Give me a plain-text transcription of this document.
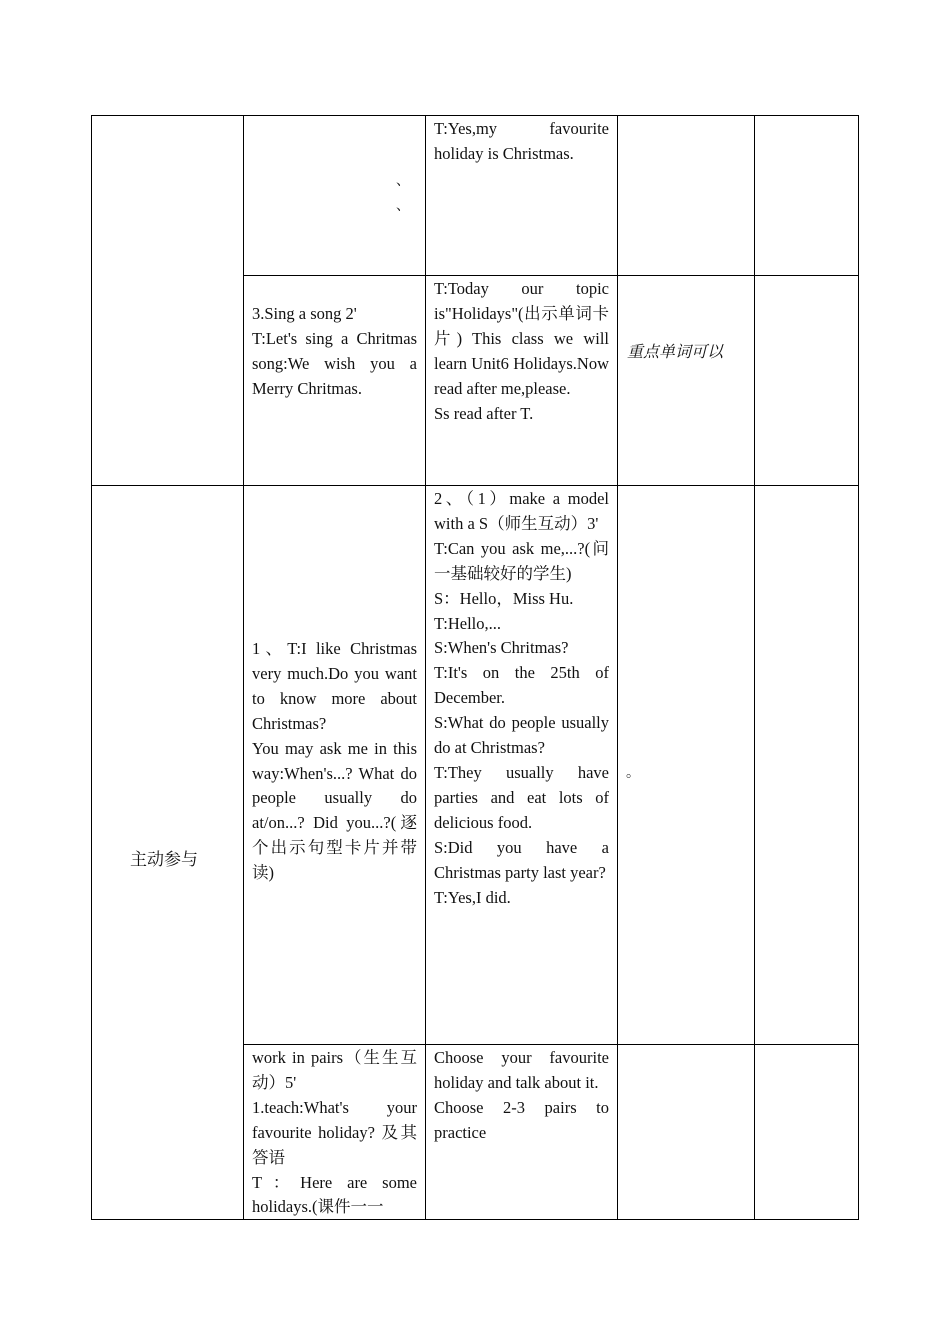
、
、

T:Yes,my favourite holiday is Christmas.

3.Sing a song 2'

T:Let's sing a Chritmas song:We wish you a Merry Chritmas.

T:Today our topic is"Holidays"(出示单词卡片) This class we will learn Unit6 Holidays.Now read after me,please.

Ss read after T.

重点单词可以
主动参与

1、T:I like Christmas very much.Do you want to know more about Christmas?

You may ask me in this way:When's...? What do people usually do at/on...? Did you...?(逐个出示句型卡片并带读)

2、（1）make a model with a S（师生互动）3'

T:Can you ask me,...?(问一基础较好的学生)

S：Hello，Miss Hu.

T:Hello,...

S:When's Chritmas?

T:It's on the 25th of December.

S:What do people usually do at Christmas?

T:They usually have parties and eat lots of delicious food.

S:Did you have a Christmas party last year?

T:Yes,I did.

。

work in pairs（生生互动）5'

1.teach:What's your favourite holiday? 及其答语

T：Here are some holidays.(课件一一

Choose your favourite holiday and talk about it.

Choose 2-3 pairs to practice
